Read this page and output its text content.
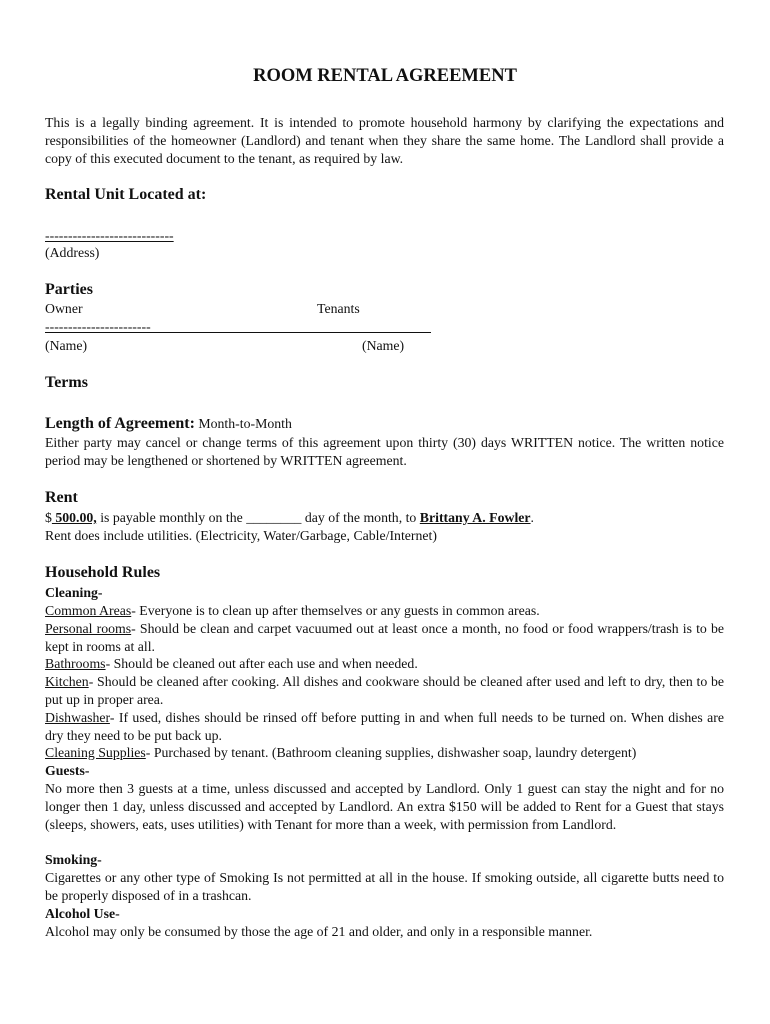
ROOM RENTAL AGREEMENT
This is a legally binding agreement. It is intended to promote household harmony by clarifying the expectations and responsibilities of the homeowner (Landlord) and tenant when they share the same home. The Landlord shall provide a copy of this executed document to the tenant, as required by law.
Rental Unit Located at:
----------------------------
(Address)
Parties
Owner	Tenants
-----------------------
(Name)	(Name)
Terms
Length of Agreement: Month-to-Month
Either party may cancel or change terms of this agreement upon thirty (30) days WRITTEN notice. The written notice period may be lengthened or shortened by WRITTEN agreement.
Rent
$ 500.00, is payable monthly on the ________ day of the month, to Brittany A. Fowler.
Rent does include utilities. (Electricity, Water/Garbage, Cable/Internet)
Household Rules
Cleaning-
Common Areas- Everyone is to clean up after themselves or any guests in common areas.
Personal rooms- Should be clean and carpet vacuumed out at least once a month, no food or food wrappers/trash is to be kept in rooms at all.
Bathrooms- Should be cleaned out after each use and when needed.
Kitchen- Should be cleaned after cooking. All dishes and cookware should be cleaned after used and left to dry, then to be put up in proper area.
Dishwasher- If used, dishes should be rinsed off before putting in and when full needs to be turned on. When dishes are dry they need to be put back up.
Cleaning Supplies- Purchased by tenant. (Bathroom cleaning supplies, dishwasher soap, laundry detergent)
Guests-
No more then 3 guests at a time, unless discussed and accepted by Landlord. Only 1 guest can stay the night and for no longer then 1 day, unless discussed and accepted by Landlord. An extra $150 will be added to Rent for a Guest that stays (sleeps, showers, eats, uses utilities) with Tenant for more than a week, with permission from Landlord.
Smoking-
Cigarettes or any other type of Smoking Is not permitted at all in the house. If smoking outside, all cigarette butts need to be properly disposed of in a trashcan.
Alcohol Use-
Alcohol may only be consumed by those the age of 21 and older, and only in a responsible manner.
